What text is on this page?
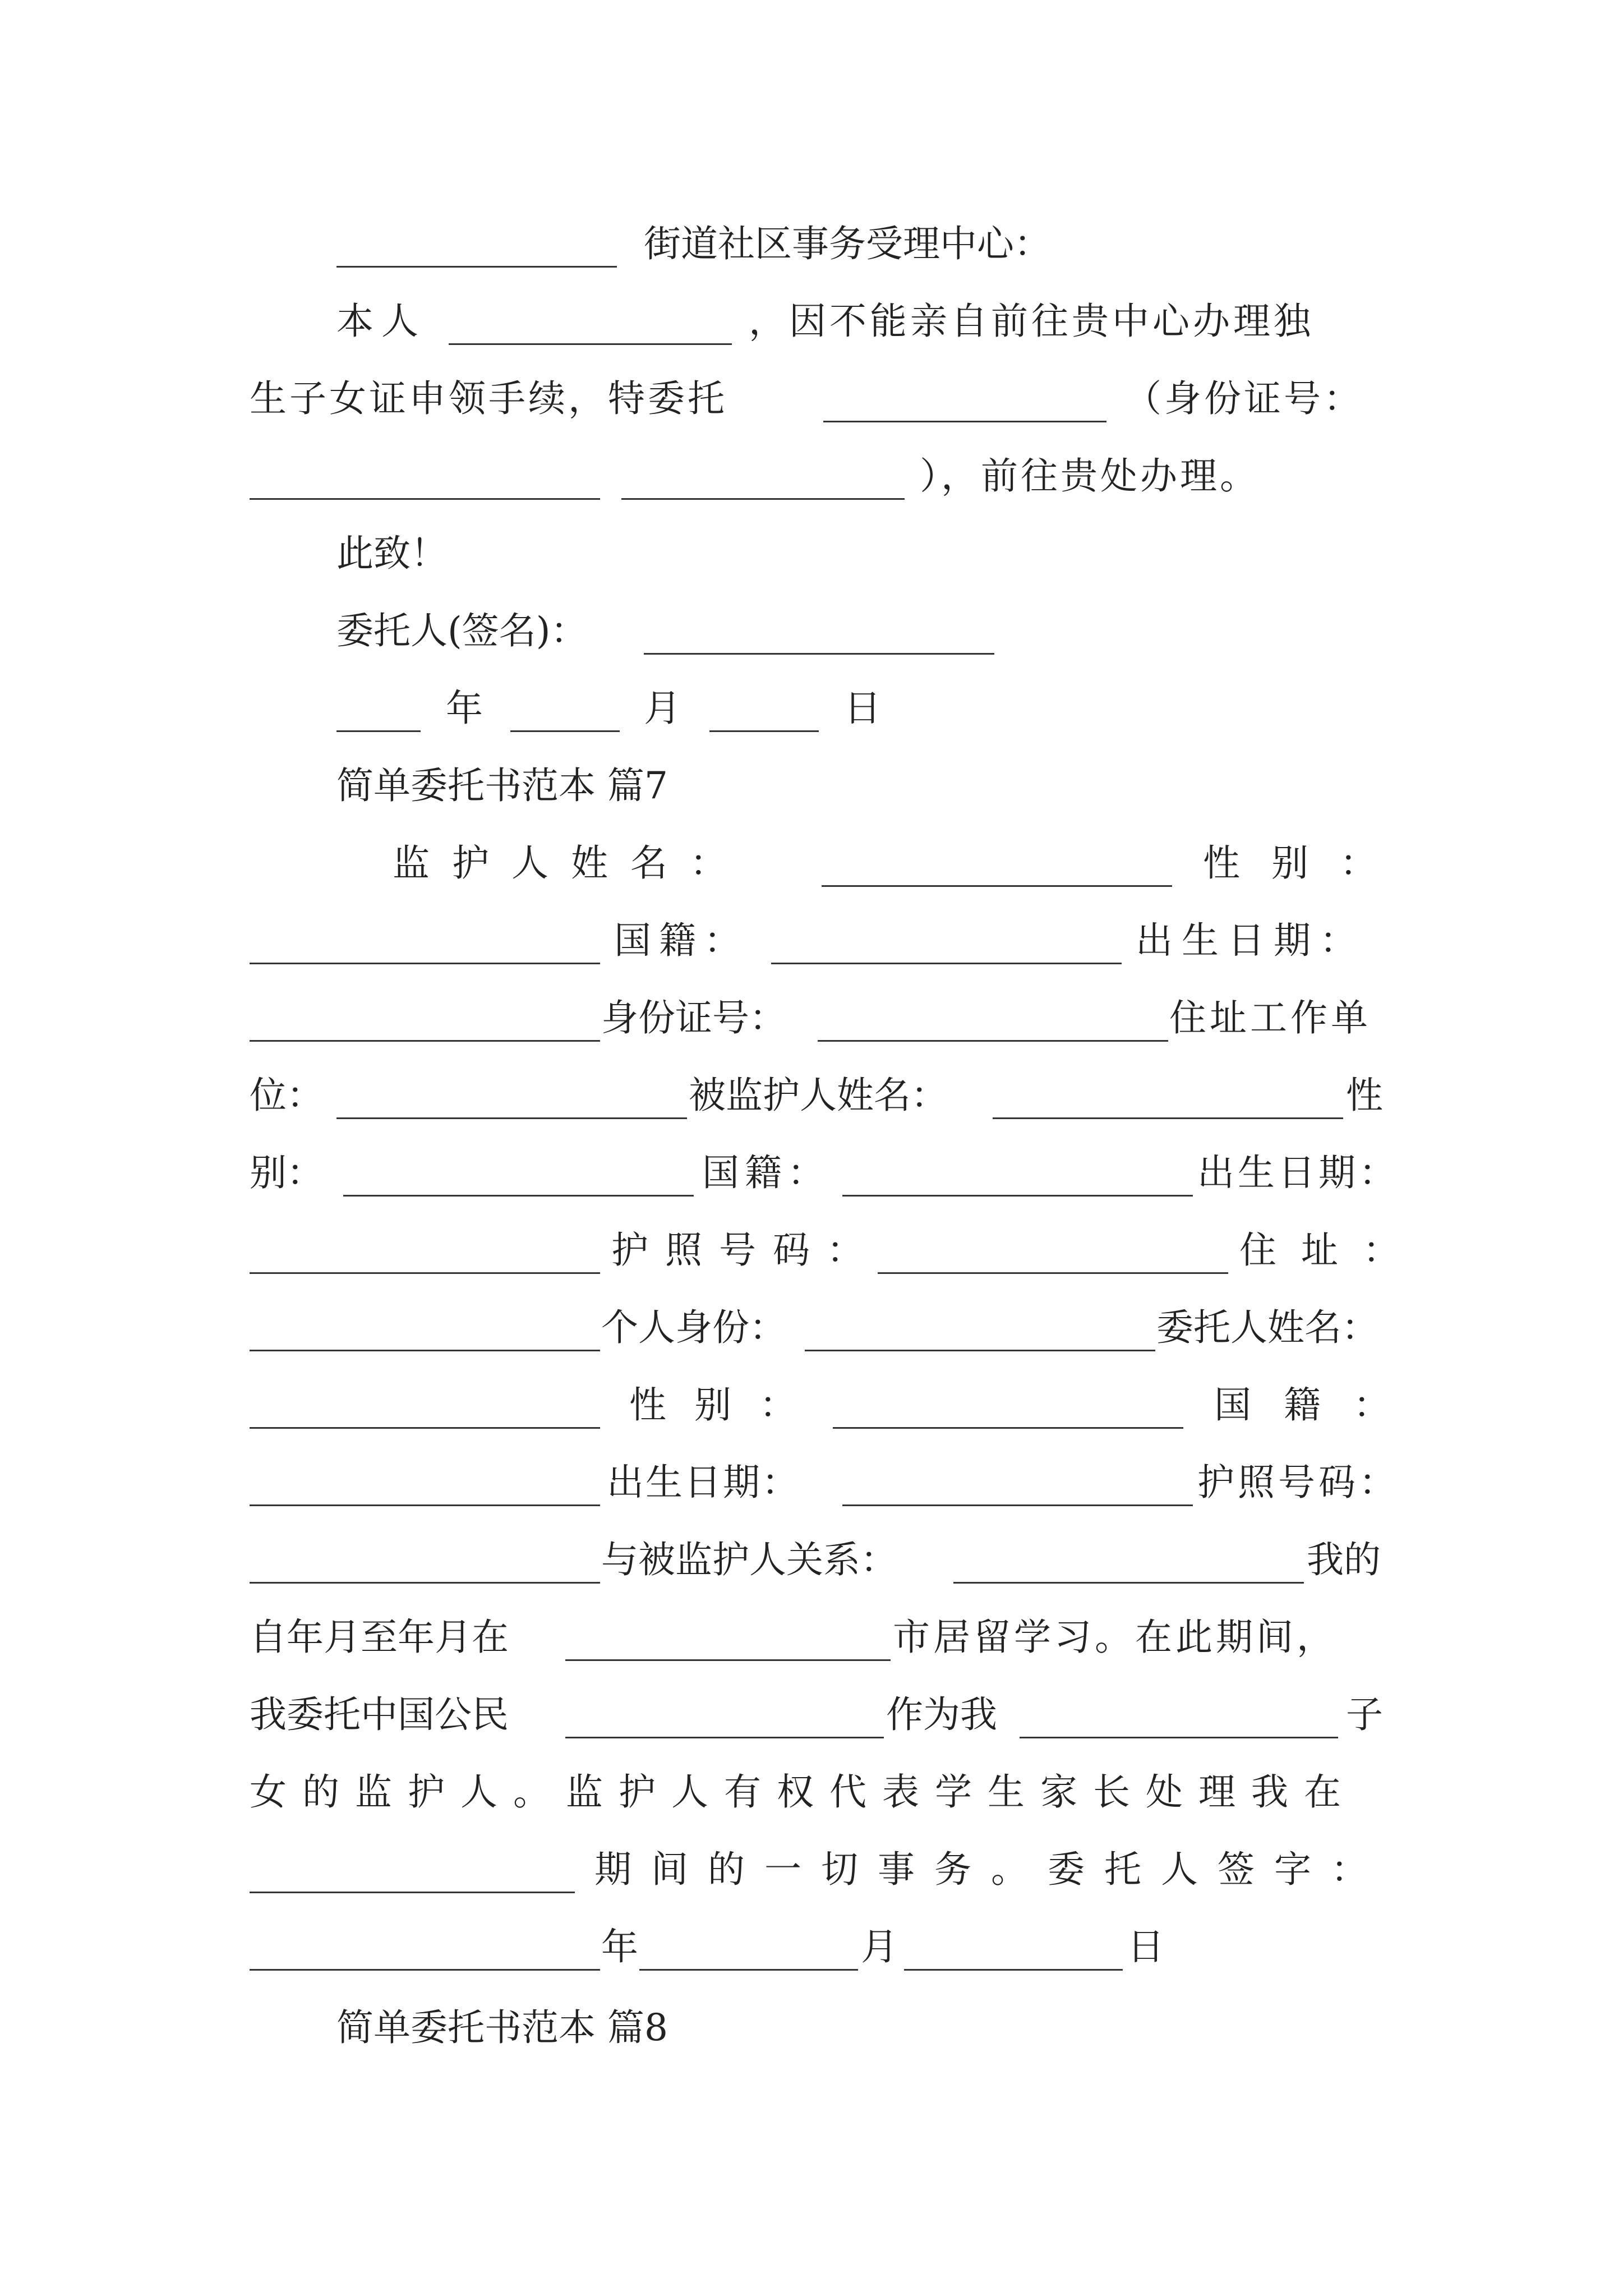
街道社区事务受理中心：
本人	，因不能亲自前往贵中心办理独
生子女证申领手续，特委托	（身份证号：
），前往贵处办理。
此致！
委托人(签名)：
年	月	日
简单委托书范本 篇7
监护人姓名：	性别：
国籍：	出生日期：
身份证号：	住址工作单
位：	被监护人姓名：	性
别：	国籍：	出生日期：
护照号码：	住址：
个人身份：	委托人姓名：
性别：	国籍：
出生日期：	护照号码：
与被监护人关系：	我的
自年月至年月在	市居留学习。在此期间，
我委托中国公民	作为我	子
女的监护人。监护人有权代表学生家长处理我在
期间的一切事务。委托人签字：
年	月	日
简单委托书范本 篇8
